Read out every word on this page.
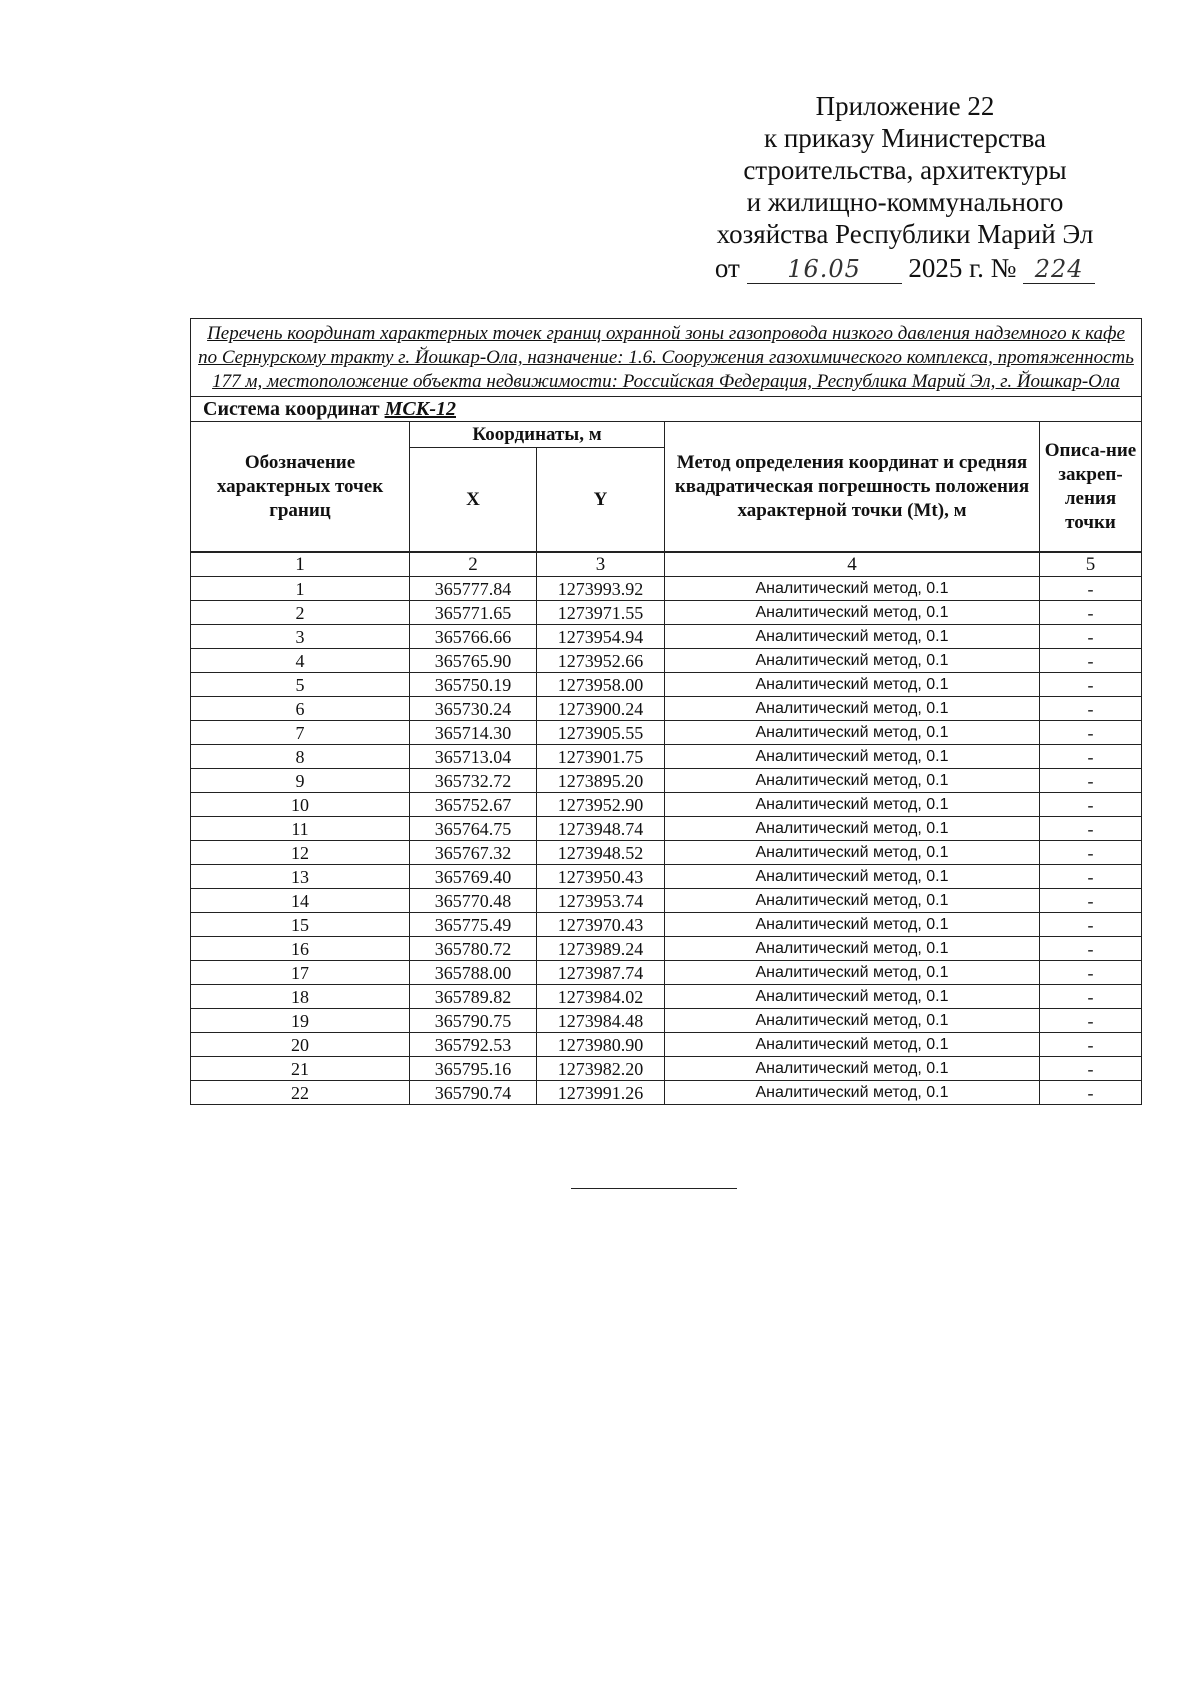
Приложение 22
к приказу Министерства
строительства, архитектуры
и жилищно-коммунального
хозяйства Республики Марий Эл
от 16.05 2025 г. № 224
Перечень координат характерных точек границ охранной зоны газопровода низкого давления надземного к кафе по Сернурскому тракту г. Йошкар-Ола, назначение: 1.6. Сооружения газохимического комплекса, протяженность 177 м, местоположение объекта недвижимости: Российская Федерация, Республика Марий Эл, г. Йошкар-Ола				
Система координат МСК-12				
Обозначение характерных точек границ	Координаты, м		Метод определения координат и средняя квадратическая погрешность положения характерной точки (Mt), м	Описа-ние закреп-ления точки
	X	Y		
1	2	3	4	5
1	365777.84	1273993.92	Аналитический метод, 0.1	-
2	365771.65	1273971.55	Аналитический метод, 0.1	-
3	365766.66	1273954.94	Аналитический метод, 0.1	-
4	365765.90	1273952.66	Аналитический метод, 0.1	-
5	365750.19	1273958.00	Аналитический метод, 0.1	-
6	365730.24	1273900.24	Аналитический метод, 0.1	-
7	365714.30	1273905.55	Аналитический метод, 0.1	-
8	365713.04	1273901.75	Аналитический метод, 0.1	-
9	365732.72	1273895.20	Аналитический метод, 0.1	-
10	365752.67	1273952.90	Аналитический метод, 0.1	-
11	365764.75	1273948.74	Аналитический метод, 0.1	-
12	365767.32	1273948.52	Аналитический метод, 0.1	-
13	365769.40	1273950.43	Аналитический метод, 0.1	-
14	365770.48	1273953.74	Аналитический метод, 0.1	-
15	365775.49	1273970.43	Аналитический метод, 0.1	-
16	365780.72	1273989.24	Аналитический метод, 0.1	-
17	365788.00	1273987.74	Аналитический метод, 0.1	-
18	365789.82	1273984.02	Аналитический метод, 0.1	-
19	365790.75	1273984.48	Аналитический метод, 0.1	-
20	365792.53	1273980.90	Аналитический метод, 0.1	-
21	365795.16	1273982.20	Аналитический метод, 0.1	-
22	365790.74	1273991.26	Аналитический метод, 0.1	-
